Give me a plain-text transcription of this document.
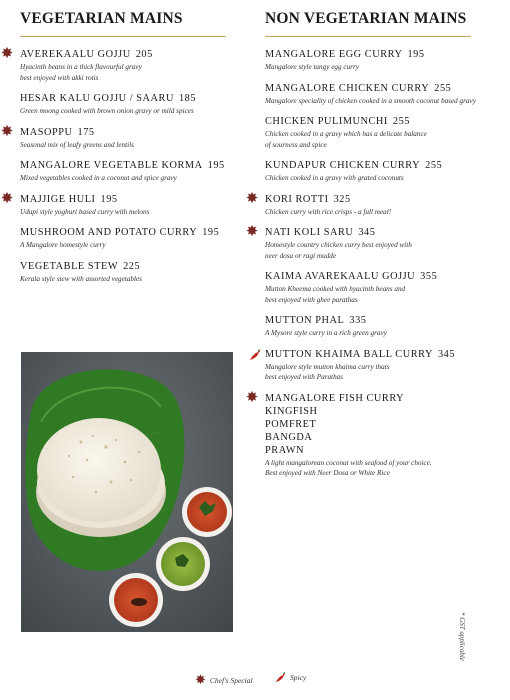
VEGETARIAN MAINS
✸ AVEREKAALU GOJJU 205
Hyacinth beans in a thick flavourful gravy
best enjoyed with akki rotis
HESAR KALU GOJJU / SAARU 185
Green moong cooked with brown onion gravy or mild spices
✸ MASOPPU 175
Seasonal mix of leafy greens and lentils
MANGALORE VEGETABLE KORMA 195
Mixed vegetables cooked in a coconut and spice gravy
✸ MAJJIGE HULI 195
Udupi style yoghurt based curry with melons
MUSHROOM AND POTATO CURRY 195
A Mangalore homestyle curry
VEGETABLE STEW 225
Kerala style stew with assorted vegetables
NON VEGETARIAN MAINS
MANGALORE EGG CURRY 195
Mangalore style tangy egg curry
MANGALORE CHICKEN CURRY 255
Mangalore speciality of chicken cooked in a smooth coconut based gravy
CHICKEN PULIMUNCHI 255
Chicken cooked in a gravy which has a delicate balance
of sourness and spice
KUNDAPUR CHICKEN CURRY 255
Chicken cooked in a gravy with grated coconuts
✸ KORI ROTTI 325
Chicken curry with rice crisps - a full meal!
✸ NATI KOLI SARU 345
Homestyle country chicken curry best enjoyed with
neer dosa or ragi mudde
KAIMA AVAREKAALU GOJJU 355
Mutton Kheema cooked with hyacinth beans and
best enjoyed with ghee parathas
MUTTON PHAL 335
A Mysore style curry in a rich green gravy
MUTTON KHAIMA BALL CURRY 345
Mangalore style mutton khaima curry thats
best enjoyed with Parathas
✸ MANGALORE FISH CURRY
KINGFISH
POMFRET
BANGDA
PRAWN
A light mangalorean coconut with seafood of your choice.
Best enjoyed with Neer Dosa or White Rice
* GST applicable
✸ Chef's Special	Spicy
